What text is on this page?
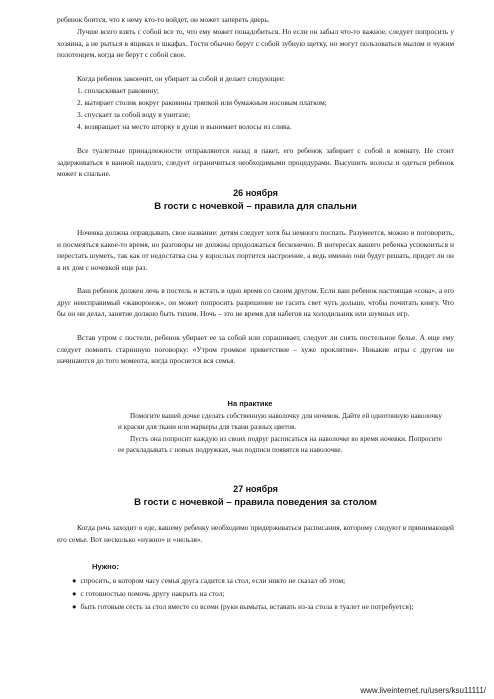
ребенок боится, что к нему кто-то войдет, он может запереть дверь.

Лучше всего взять с собой все то, что ему может понадобиться. Но если он забыл что-то важное, следует попросить у хозяина, а не рыться в ящиках и шкафах. Гости обычно берут с собой зубную щетку, но могут пользоваться мылом и чужим полотенцем, когда не берут с собой свое.

Когда ребенок закончит, он убирает за собой и делает следующее:

1. споласкивает раковину;

2. вытирает столик вокруг раковины тряпкой или бумажным носовым платком;

3. спускает за собой воду в унитазе;

4. возвращает на место шторку в душе и вынимает волосы из слива.

Все туалетные принадлежности отправляются назад в пакет, его ребенок забирает с собой в комнату. Не стоит задерживаться в ванной надолго, следует ограничиться необходимыми процедурами. Высушить волосы и одеться ребенок может в спальне.

26 ноября
В гости с ночевкой – правила для спальни

Ночевка должна оправдывать свое название: детям следует хотя бы немного поспать. Разумеется, можно и поговорить, и посмеяться какое-то время, но разговоры не должны продолжаться бесконечно. В интересах вашего ребенка успокоиться и перестать шуметь, так как от недостатка сна у взрослых портится настроение, а ведь именно они будут решать, придет ли он в их дом с ночевкой еще раз.

Ваш ребенок должен лечь в постель и встать в одно время со своим другом. Если ваш ребенок настоящая «сова», а его друг неисправимый «жаворонок», он может попросить разрешение не гасить свет чуть дольше, чтобы почитать книгу. Что бы он ни делал, занятие должно быть тихим. Ночь – это не время для набегов на холодильник или шумных игр.

Встав утром с постели, ребенок убирает ее за собой или спрашивает, следует ли снять постельное белье. А еще ему следует помнить старинную поговорку: «Утром громкое приветствие – хуже проклятия». Никакие игры с другом не начинаются до того момента, когда проснется вся семья.

На практике

Помогите вашей дочке сделать собственную наволочку для ночевок. Дайте ей однотонную наволочку и краски для ткани или маркеры для ткани разных цветов.

Пусть она попросит каждую из своих подруг расписаться на наволочке во время ночевки. Попросите ее раскладывать с новых подружках, чьи подписи появятся на наволочке.

27 ноября
В гости с ночевкой – правила поведения за столом

Когда речь заходит о еде, вашему ребенку необходимо придерживаться расписания, которому следуют в принимающей его семье. Вот несколько «нужно» и «нельзя».

Нужно:

● спросить, в котором часу семья друга садится за стол, если никто не сказал об этом;

● с готовностью помочь другу накрыть на стол;

● быть готовым сесть за стол вместе со всеми (руки вымыты, вставать из-за стола в туалет не потребуется);

www.liveinternet.ru/users/ksu11111/
